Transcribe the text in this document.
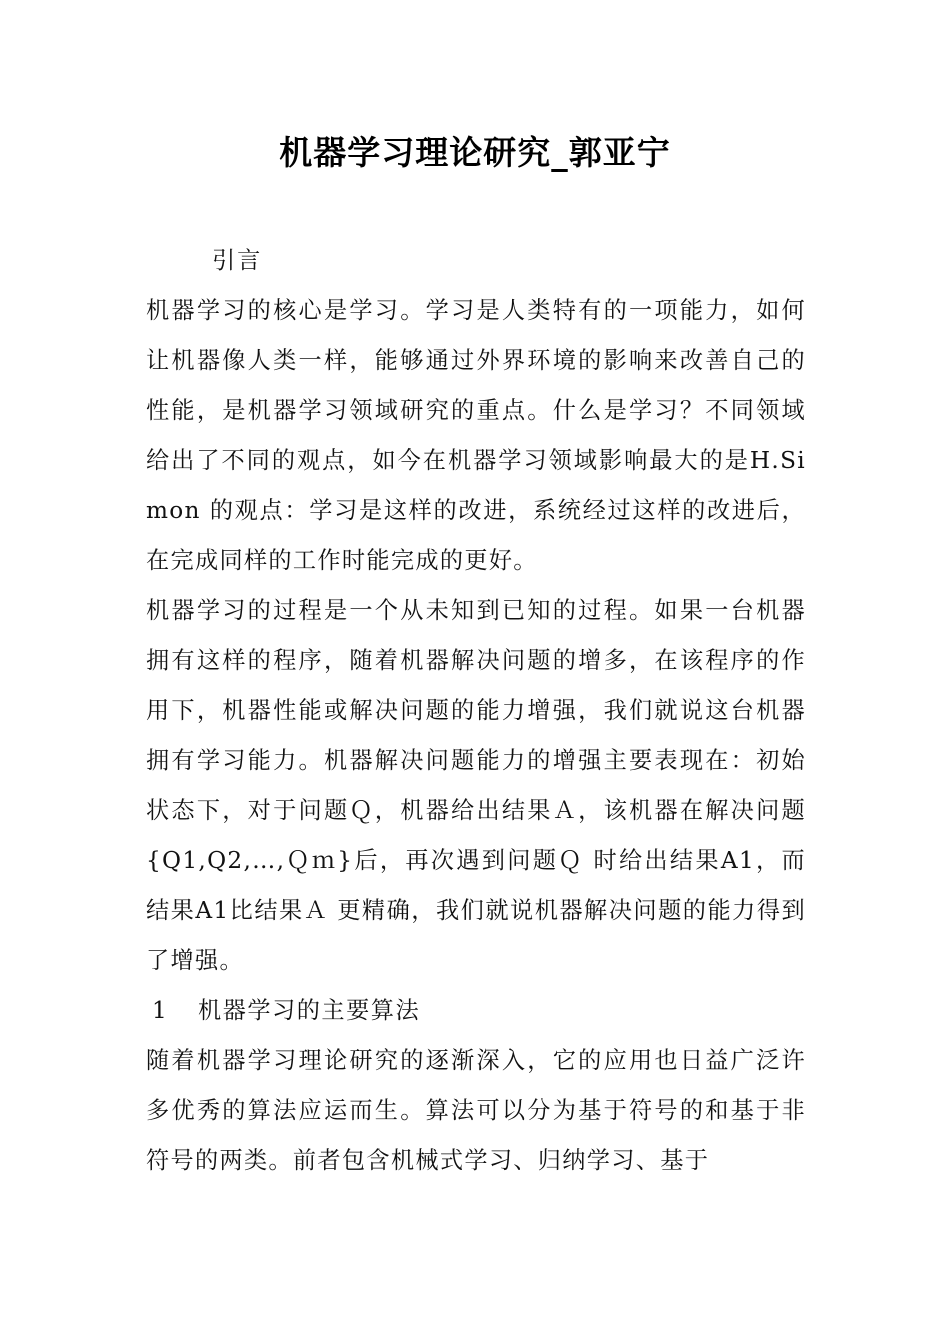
机器学习理论研究_郭亚宁

引言

机器学习的核心是学习。学习是人类特有的一项能力，如何让机器像人类一样，能够通过外界环境的影响来改善自己的性能，是机器学习领域研究的重点。什么是学习？不同领域给出了不同的观点，如今在机器学习领域影响最大的是H.Simon 的观点：学习是这样的改进，系统经过这样的改进后，在完成同样的工作时能完成的更好。

机器学习的过程是一个从未知到已知的过程。如果一台机器拥有这样的程序，随着机器解决问题的增多，在该程序的作用下，机器性能或解决问题的能力增强，我们就说这台机器拥有学习能力。机器解决问题能力的增强主要表现在：初始状态下，对于问题Ｑ，机器给出结果Ａ，该机器在解决问题{Q1,Q2,…,Ｑｍ}后，再次遇到问题Ｑ 时给出结果A1，而结果A1比结果Ａ 更精确，我们就说机器解决问题的能力得到了增强。

1 机器学习的主要算法

随着机器学习理论研究的逐渐深入，它的应用也日益广泛许多优秀的算法应运而生。算法可以分为基于符号的和基于非符号的两类。前者包含机械式学习、归纳学习、基于
